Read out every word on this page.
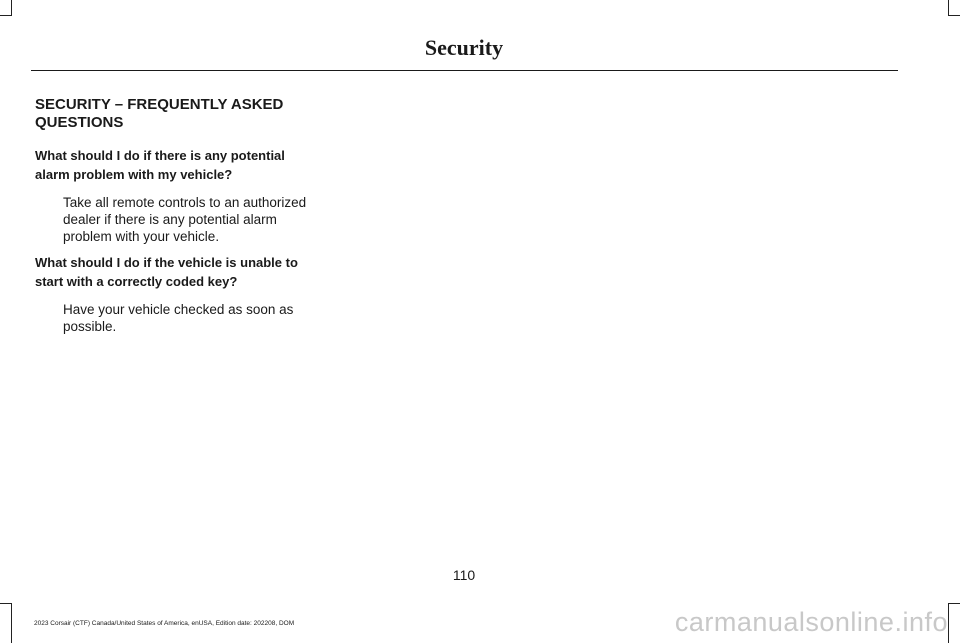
Security
SECURITY – FREQUENTLY ASKED QUESTIONS

What should I do if there is any potential alarm problem with my vehicle?

Take all remote controls to an authorized dealer if there is any potential alarm problem with your vehicle.

What should I do if the vehicle is unable to start with a correctly coded key?

Have your vehicle checked as soon as possible.

110
2023 Corsair (CTF) Canada/United States of America, enUSA, Edition date: 202208, DOM	carmanualsonline.info
